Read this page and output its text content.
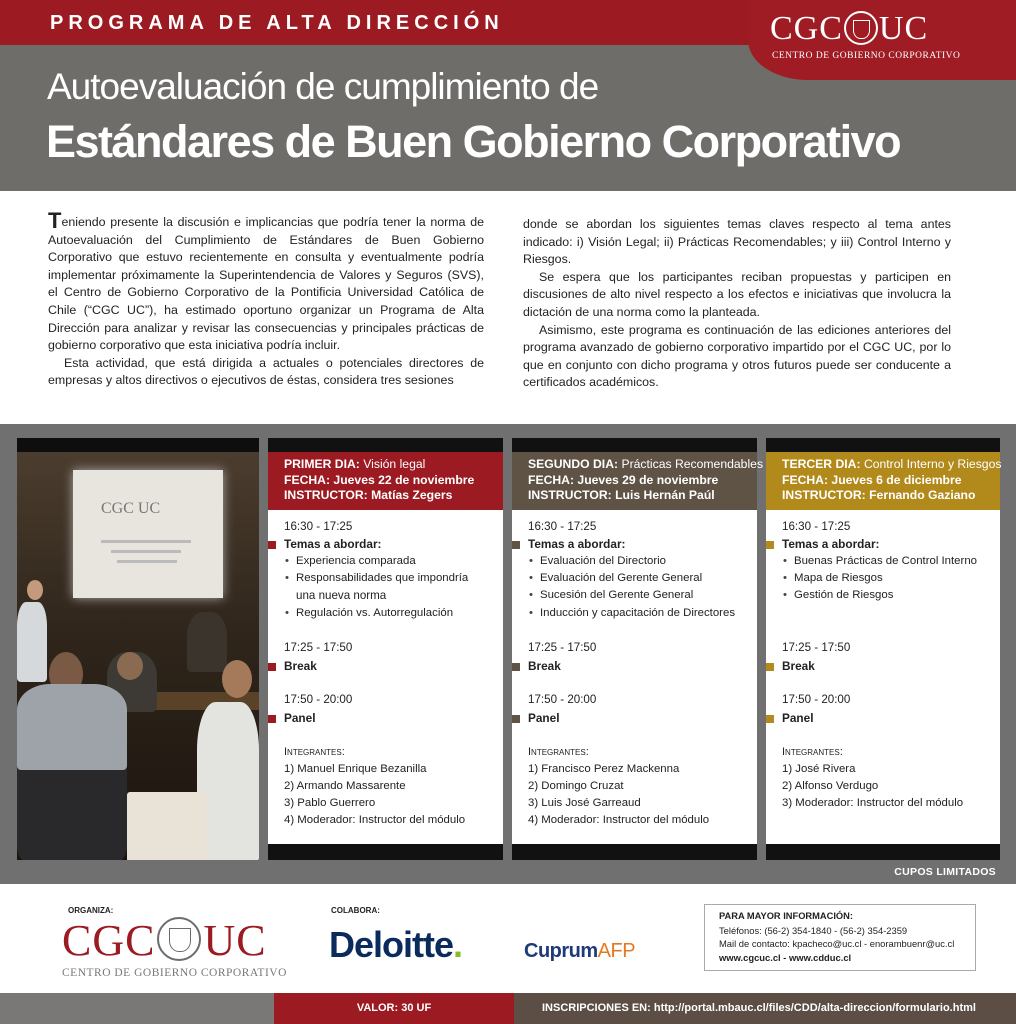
PROGRAMA DE ALTA DIRECCIÓN
Autoevaluación de cumplimiento de
Estándares de Buen Gobierno Corporativo
CGC UC
CENTRO DE GOBIERNO CORPORATIVO

Teniendo presente la discusión e implicancias que podría tener la norma de Autoevaluación del Cumplimiento de Estándares de Buen Gobierno Corporativo que estuvo recientemente en consulta y eventualmente podría implementar próximamente la Superintendencia de Valores y Seguros (SVS), el Centro de Gobierno Corporativo de la Pontificia Universidad Católica de Chile (“CGC UC”), ha estimado oportuno organizar un Programa de Alta Dirección para analizar y revisar las consecuencias y principales prácticas de gobierno corporativo que esta iniciativa podría incluir.

Esta actividad, que está dirigida a actuales o potenciales directores de empresas y altos directivos o ejecutivos de éstas, considera tres sesiones

donde se abordan los siguientes temas claves respecto al tema antes indicado: i) Visión Legal; ii) Prácticas Recomendables; y iii) Control Interno y Riesgos.

Se espera que los participantes reciban propuestas y participen en discusiones de alto nivel respecto a los efectos e iniciativas que involucra la dictación de una norma como la planteada.

Asimismo, este programa es continuación de las ediciones anteriores del programa avanzado de gobierno corporativo impartido por el CGC UC, por lo que en conjunto con dicho programa y otros futuros puede ser conducente a certificados académicos.

CGC UC
PRIMER DIA: Visión legal
FECHA: Jueves 22 de noviembre
INSTRUCTOR: Matías Zegers
16:30 - 17:25
Temas a abordar:
• Experiencia comparada
• Responsabilidades que impondría
una nueva norma
• Regulación vs. Autorregulación
17:25 - 17:50
Break
17:50 - 20:00
Panel
Integrantes:
1) Manuel Enrique Bezanilla
2) Armando Massarente
3) Pablo Guerrero
4) Moderador: Instructor del módulo
SEGUNDO DIA: Prácticas Recomendables
FECHA: Jueves 29 de noviembre
INSTRUCTOR: Luis Hernán Paúl
16:30 - 17:25
Temas a abordar:
• Evaluación del Directorio
• Evaluación del Gerente General
• Sucesión del Gerente General
• Inducción y capacitación de Directores
17:25 - 17:50
Break
17:50 - 20:00
Panel
Integrantes:
1) Francisco Perez Mackenna
2) Domingo Cruzat
3) Luis José Garreaud
4) Moderador: Instructor del módulo
TERCER DIA: Control Interno y Riesgos
FECHA: Jueves 6 de diciembre
INSTRUCTOR: Fernando Gaziano
16:30 - 17:25
Temas a abordar:
• Buenas Prácticas de Control Interno
• Mapa de Riesgos
• Gestión de Riesgos
17:25 - 17:50
Break
17:50 - 20:00
Panel
Integrantes:
1) José Rivera
2) Alfonso Verdugo
3) Moderador: Instructor del módulo
CUPOS LIMITADOS
ORGANIZA:	COLABORA:
CGC UC
CENTRO DE GOBIERNO CORPORATIVO
Deloitte.	CuprumAFP
PARA MAYOR INFORMACIÓN:
Teléfonos: (56-2) 354-1840 - (56-2) 354-2359
Mail de contacto: kpacheco@uc.cl - enorambuenr@uc.cl
www.cgcuc.cl - www.cdduc.cl
VALOR: 30 UF	INSCRIPCIONES EN: http://portal.mbauc.cl/files/CDD/alta-direccion/formulario.html
